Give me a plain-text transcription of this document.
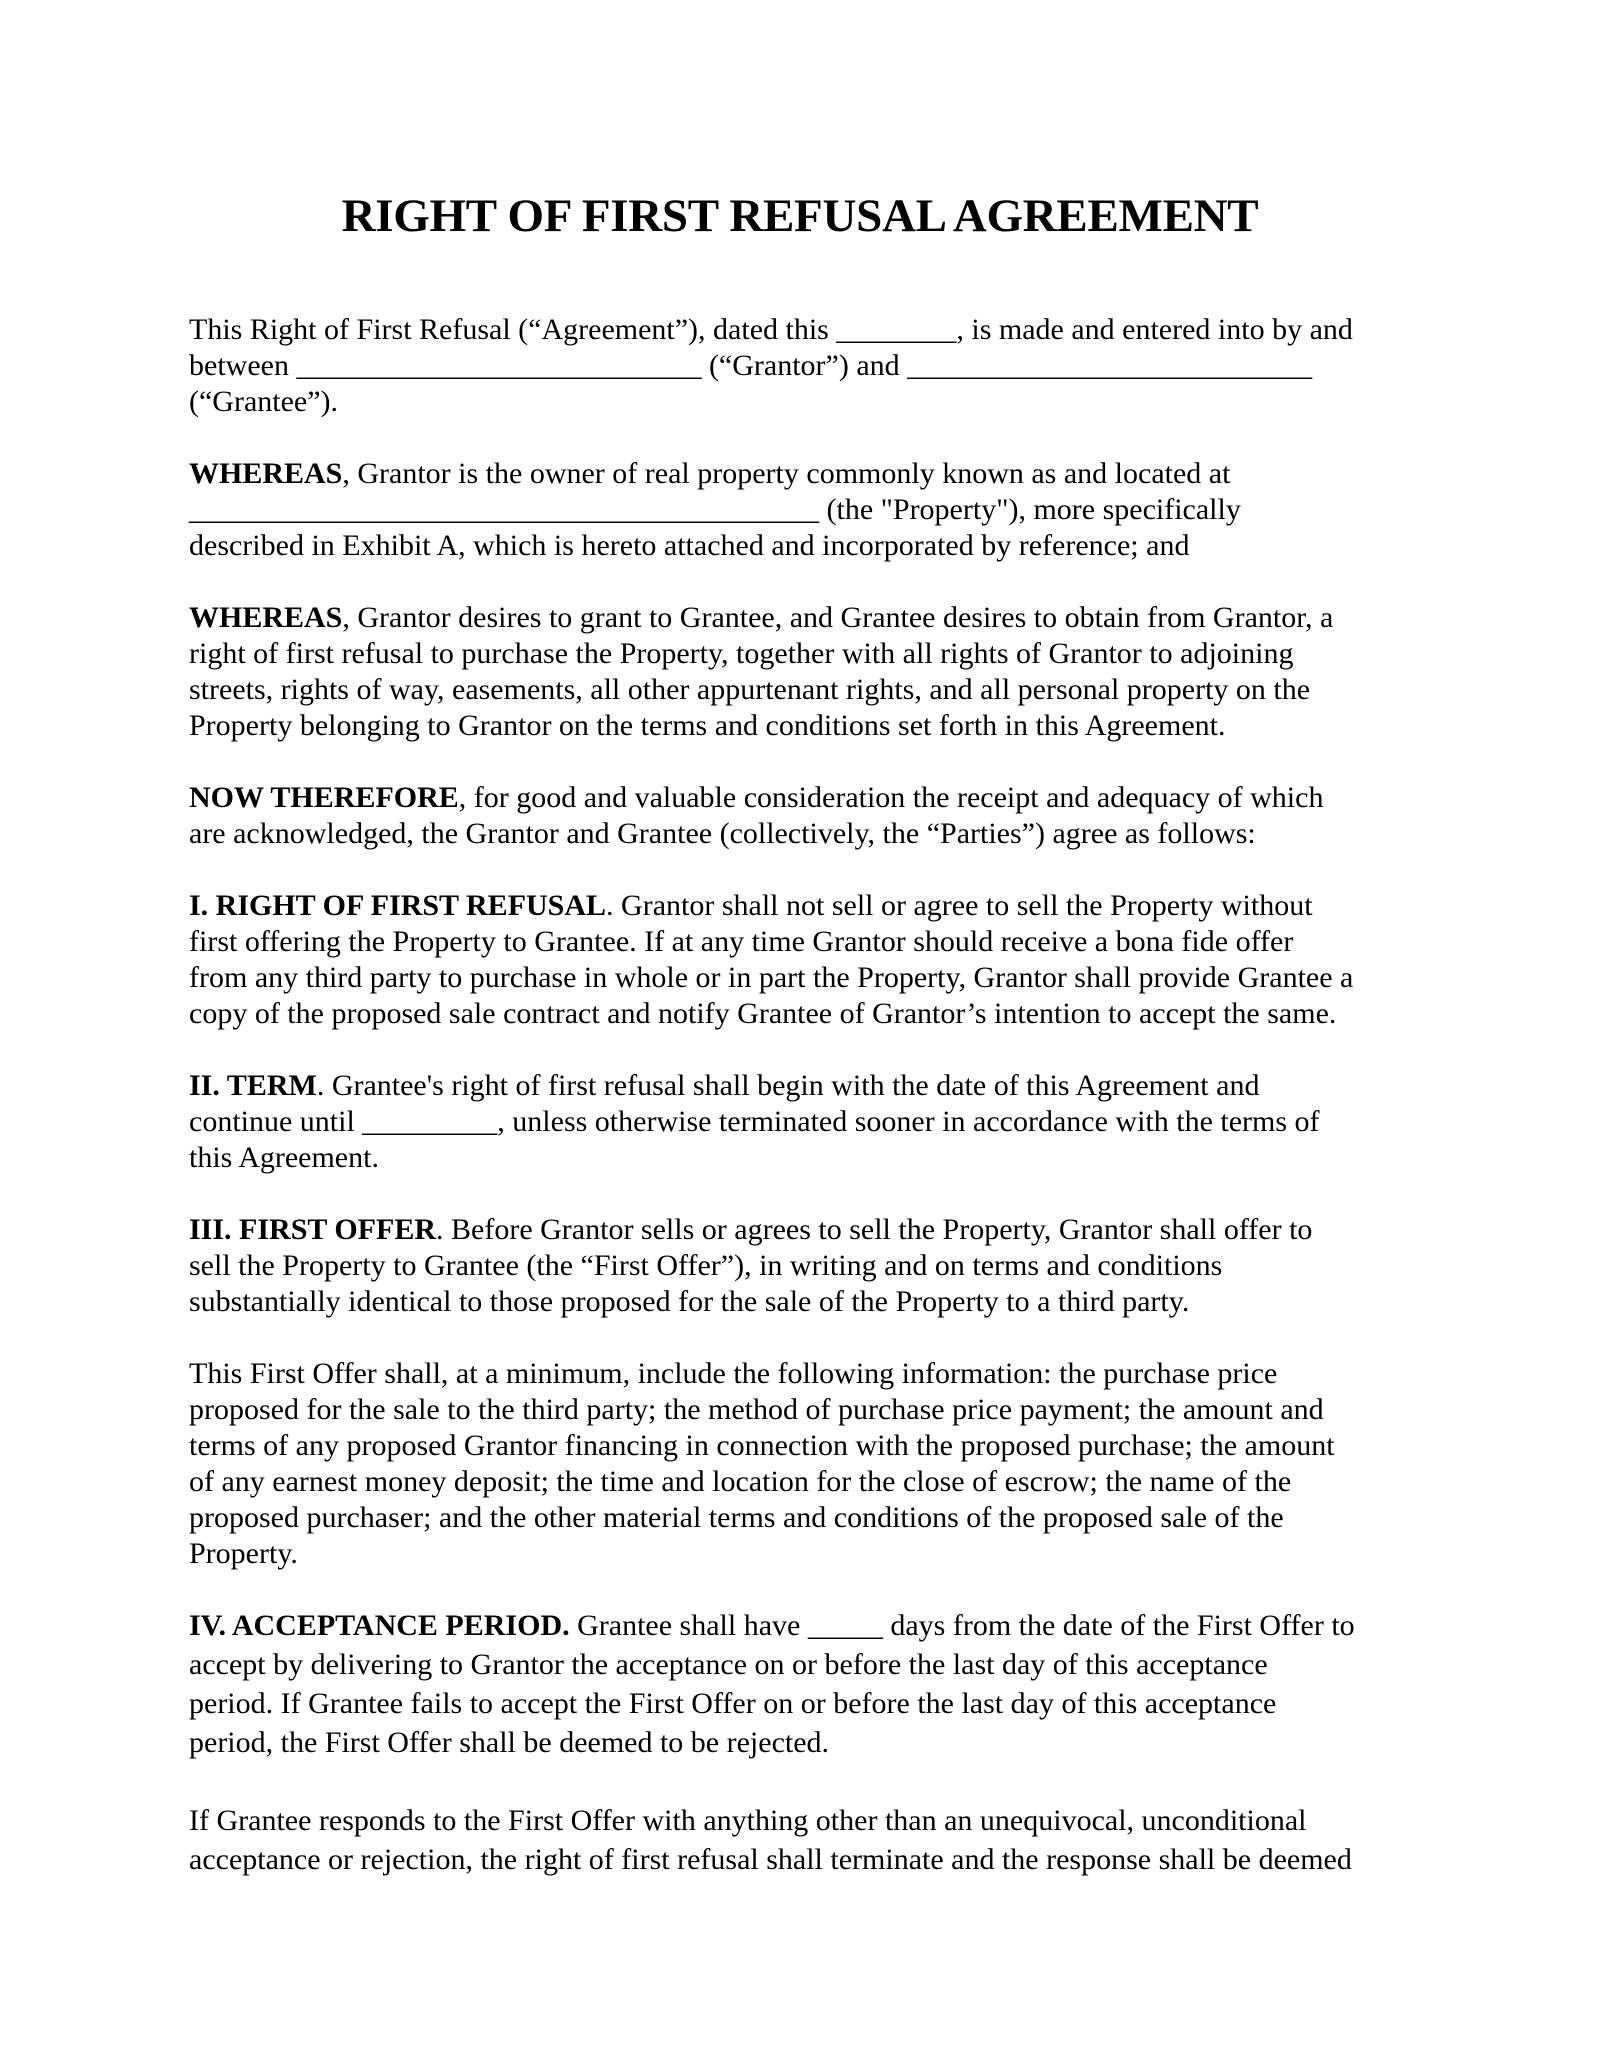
RIGHT OF FIRST REFUSAL AGREEMENT
This Right of First Refusal (“Agreement”), dated this ________, is made and entered into by and
between ___________________________ (“Grantor”) and ___________________________
(“Grantee”).
WHEREAS, Grantor is the owner of real property commonly known as and located at
__________________________________________ (the "Property"), more specifically
described in Exhibit A, which is hereto attached and incorporated by reference; and
WHEREAS, Grantor desires to grant to Grantee, and Grantee desires to obtain from Grantor, a
right of first refusal to purchase the Property, together with all rights of Grantor to adjoining
streets, rights of way, easements, all other appurtenant rights, and all personal property on the
Property belonging to Grantor on the terms and conditions set forth in this Agreement.
NOW THEREFORE, for good and valuable consideration the receipt and adequacy of which
are acknowledged, the Grantor and Grantee (collectively, the “Parties”) agree as follows:
I. RIGHT OF FIRST REFUSAL. Grantor shall not sell or agree to sell the Property without
first offering the Property to Grantee. If at any time Grantor should receive a bona fide offer
from any third party to purchase in whole or in part the Property, Grantor shall provide Grantee a
copy of the proposed sale contract and notify Grantee of Grantor’s intention to accept the same.
II. TERM. Grantee's right of first refusal shall begin with the date of this Agreement and
continue until _________, unless otherwise terminated sooner in accordance with the terms of
this Agreement.
III. FIRST OFFER. Before Grantor sells or agrees to sell the Property, Grantor shall offer to
sell the Property to Grantee (the “First Offer”), in writing and on terms and conditions
substantially identical to those proposed for the sale of the Property to a third party.
This First Offer shall, at a minimum, include the following information: the purchase price
proposed for the sale to the third party; the method of purchase price payment; the amount and
terms of any proposed Grantor financing in connection with the proposed purchase; the amount
of any earnest money deposit; the time and location for the close of escrow; the name of the
proposed purchaser; and the other material terms and conditions of the proposed sale of the
Property.
IV. ACCEPTANCE PERIOD. Grantee shall have _____ days from the date of the First Offer to
accept by delivering to Grantor the acceptance on or before the last day of this acceptance
period. If Grantee fails to accept the First Offer on or before the last day of this acceptance
period, the First Offer shall be deemed to be rejected.
If Grantee responds to the First Offer with anything other than an unequivocal, unconditional
acceptance or rejection, the right of first refusal shall terminate and the response shall be deemed
